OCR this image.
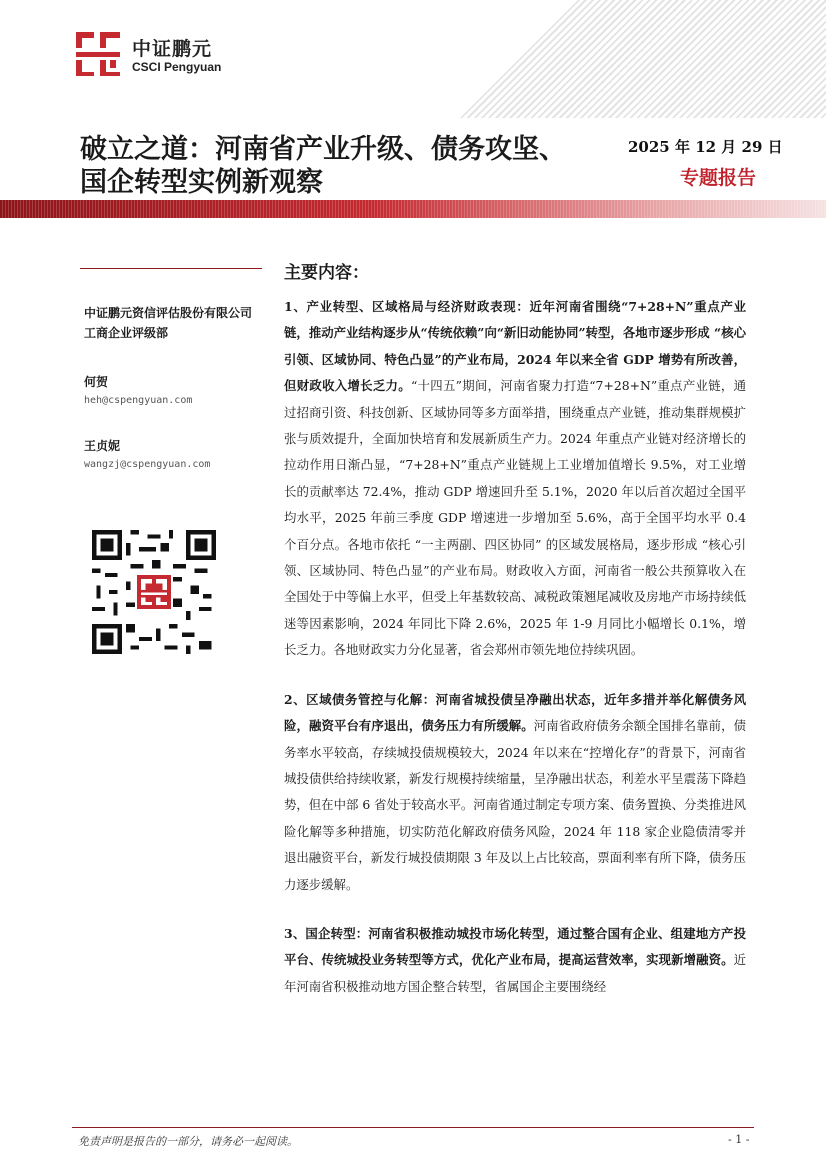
中证鹏元
CSCI Pengyuan
破立之道：河南省产业升级、债务攻坚、
国企转型实例新观察
2025 年 12 月 29 日
专题报告
中证鹏元资信评估股份有限公司
工商企业评级部
何贺
heh@cspengyuan.com
王贞妮
wangzj@cspengyuan.com
主要内容：

1、产业转型、区域格局与经济财政表现：近年河南省围绕“7+28+N”重点产业链，推动产业结构逐步从“传统依赖”向“新旧动能协同”转型，各地市逐步形成 “核心引领、区域协同、特色凸显”的产业布局，2024 年以来全省 GDP 增势有所改善，但财政收入增长乏力。“十四五”期间，河南省聚力打造“7+28+N”重点产业链，通过招商引资、科技创新、区域协同等多方面举措，围绕重点产业链，推动集群规模扩张与质效提升，全面加快培育和发展新质生产力。2024 年重点产业链对经济增长的拉动作用日渐凸显，“7+28+N”重点产业链规上工业增加值增长 9.5%，对工业增长的贡献率达 72.4%，推动 GDP 增速回升至 5.1%，2020 年以后首次超过全国平均水平，2025 年前三季度 GDP 增速进一步增加至 5.6%，高于全国平均水平 0.4 个百分点。各地市依托 “一主两副、四区协同” 的区域发展格局，逐步形成 “核心引领、区域协同、特色凸显”的产业布局。财政收入方面，河南省一般公共预算收入在全国处于中等偏上水平，但受上年基数较高、减税政策翘尾减收及房地产市场持续低迷等因素影响，2024 年同比下降 2.6%，2025 年 1-9 月同比小幅增长 0.1%，增长乏力。各地财政实力分化显著，省会郑州市领先地位持续巩固。

2、区域债务管控与化解：河南省城投债呈净融出状态，近年多措并举化解债务风险，融资平台有序退出，债务压力有所缓解。河南省政府债务余额全国排名靠前，债务率水平较高，存续城投债规模较大，2024 年以来在“控增化存”的背景下，河南省城投债供给持续收紧，新发行规模持续缩量，呈净融出状态，利差水平呈震荡下降趋势，但在中部 6 省处于较高水平。河南省通过制定专项方案、债务置换、分类推进风险化解等多种措施，切实防范化解政府债务风险，2024 年 118 家企业隐债清零并退出融资平台，新发行城投债期限 3 年及以上占比较高，票面利率有所下降，债务压力逐步缓解。

3、国企转型：河南省积极推动城投市场化转型，通过整合国有企业、组建地方产投平台、传统城投业务转型等方式，优化产业布局，提高运营效率，实现新增融资。近年河南省积极推动地方国企整合转型，省属国企主要围绕经

免责声明是报告的一部分，请务必一起阅读。	- 1 -
